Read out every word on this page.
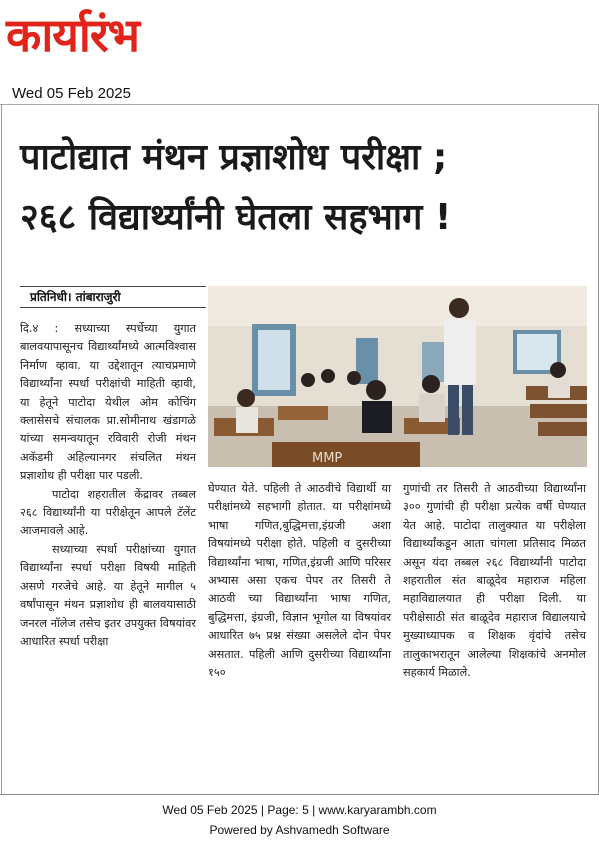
कार्यारंभ
Wed 05 Feb 2025
पाटोद्यात मंथन प्रज्ञाशोध परीक्षा ;
२६८ विद्यार्थ्यांनी घेतला सहभाग !
प्रतिनिधी। तांबाराजुरी
MMP

दि.४ : सध्याच्या स्पर्धेच्या युगात बालवयापासूनच विद्यार्थ्यांमध्ये आत्मविश्वास निर्माण व्हावा. या उद्देशातून त्याचप्रमाणे विद्यार्थ्यांना स्पर्धा परीक्षांची माहिती व्हावी, या हेतूने पाटोदा येथील ओम कोचिंग क्लासेसचे संचालक प्रा.सोमीनाथ खंडागळे यांच्या समन्वयातून रविवारी रोजी मंथन अकॅडमी अहिल्यानगर संचलित मंथन प्रज्ञाशोध ही परीक्षा पार पडली.

पाटोदा शहरातील केंद्रावर तब्बल २६८ विद्यार्थ्यांनी या परीक्षेतून आपले टॅलेंट आजमावले आहे.

सध्याच्या स्पर्धा परीक्षांच्या युगात विद्यार्थ्यांना स्पर्धा परीक्षा विषयी माहिती असणे गरजेचे आहे. या हेतूने मागील ५ वर्षांपासून मंथन प्रज्ञाशोध ही बालवयासाठी जनरल नॉलेज तसेच इतर उपयुक्त विषयांवर आधारित स्पर्धा परीक्षा

घेण्यात येते. पहिली ते आठवीचे विद्यार्थी या परीक्षांमध्ये सहभागी होतात. या परीक्षांमध्ये भाषा गणित,बुद्धिमत्ता,इंग्रजी अशा विषयांमध्ये परीक्षा होते. पहिली व दुसरीच्या विद्यार्थ्यांना भाषा, गणित,इंग्रजी आणि परिसर अभ्यास असा एकच पेपर तर तिसरी ते आठवी च्या विद्यार्थ्यांना भाषा गणित, बुद्धिमत्ता, इंग्रजी, विज्ञान भूगोल या विषयांवर आधारित ७५ प्रश्न संख्या असलेले दोन पेपर असतात. पहिली आणि दुसरीच्या विद्यार्थ्यांना १५०

गुणांची तर तिसरी ते आठवीच्या विद्यार्थ्यांना ३०० गुणांची ही परीक्षा प्रत्येक वर्षी घेण्यात येत आहे. पाटोदा तालुक्यात या परीक्षेला विद्यार्थ्यांकडून आता चांगला प्रतिसाद मिळत असून यंदा तब्बल २६८ विद्यार्थ्यांनी पाटोदा शहरातील संत बाळूदेव महाराज महिला महाविद्यालयात ही परीक्षा दिली. या परीक्षेसाठी संत बाळूदेव महाराज विद्यालयाचे मुख्याध्यापक व शिक्षक वृंदांचे तसेच तालुकाभरातून आलेल्या शिक्षकांचे अनमोल सहकार्य मिळाले.

Wed 05 Feb 2025 | Page: 5 | www.karyarambh.com
Powered by Ashvamedh Software
